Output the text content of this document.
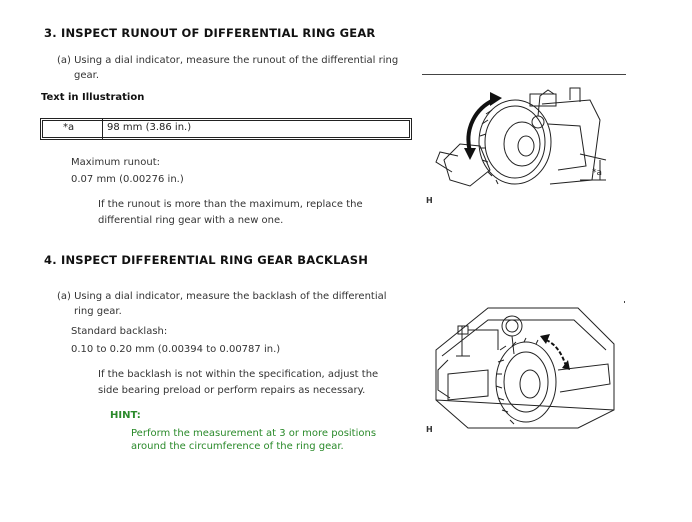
3. INSPECT RUNOUT OF DIFFERENTIAL RING GEAR
(a) Using a dial indicator, measure the runout of the differential ring
gear.
Text in Illustration
*a	98 mm (3.86 in.)
Maximum runout:
0.07 mm (0.00276 in.)
If the runout is more than the maximum, replace the
differential ring gear with a new one.
*a
H
4. INSPECT DIFFERENTIAL RING GEAR BACKLASH
(a) Using a dial indicator, measure the backlash of the differential
ring gear.
Standard backlash:
0.10 to 0.20 mm (0.00394 to 0.00787 in.)
If the backlash is not within the specification, adjust the
side bearing preload or perform repairs as necessary.
HINT:
Perform the measurement at 3 or more positions
around the circumference of the ring gear.
H
